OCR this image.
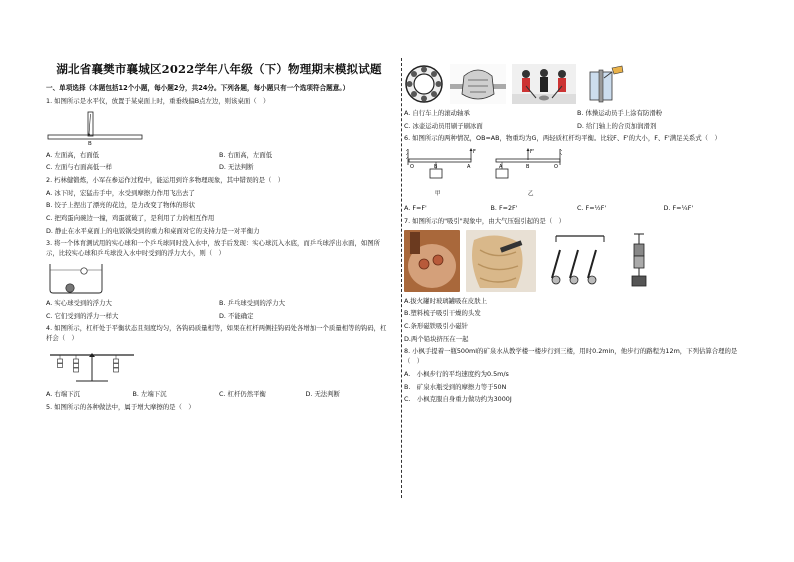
湖北省襄樊市襄城区2022学年八年级（下）物理期末模拟试题
一、单项选择（本题包括12个小题，每小题2分，共24分。下列各题，每小题只有一个选项符合题意。）
1. 如图所示是水平仪，放置于某桌面上时，重垂线偏B点左边，则该桌面（　）
B
A. 左面高，右面低	B. 右面高，左面低
C. 左面与右面高低一样	D. 无法判断
2. 朽林健锻炼，小军在参运作过程中，能运用到许多物理现象，其中错误的是（　）
A. 冰下时，宏猛击手中，水受到摩擦力作用飞出去了
B. 饺子上捏出了漂亮的花边，是力改变了物体的形状
C. 把鸡蛋向碗边一撞，鸡蛋就破了，是利用了力的相互作用
D. 静止在水平桌面上的电饭锅受到的重力和桌面对它的支持力是一对平衡力
3. 将一个体育测试用的实心球和一个乒乓球同时没入水中，放手后发现：实心球沉入水底，而乒乓球浮出水面，如图所示，比较实心球和乒乓球没入水中时受到的浮力大小，则（　）
A. 实心球受到的浮力大	B. 乒乓球受到的浮力大
C. 它们受到的浮力一样大	D. 不能确定
4. 如图所示，杠杆处于平衡状态且刻度均匀，各钩码质量相等，如果在杠杆两侧挂钩码处各增加一个质量相等的钩码，杠杆会（　）
A. 右端下沉	B. 左端下沉	C. 杠杆仍然平衡	D. 无法判断
5. 如图所示的各种做法中，属于增大摩擦的是（　）
A. 自行车上的滚动轴承	B. 体操运动员手上涂有防滑粉
C. 冰壶运动员用刷子刷冰面	D. 给门轴上的合页加润滑剂
6. 如图所示的两种情况，OB=AB，物重均为G，两轻质杠杆均平衡。比较F、F'的大小，F、F'满足关系式（　）
O	B	A
F
甲
A	B	O
F'
乙
A. F=F'	B. F=2F'	C. F=½F'	D. F=¼F'
7. 如图所示的"吸引"现象中，由大气压强引起的是（　）
A.拔火罐时玻璃罐吸在皮肤上
B.塑料梳子吸引干燥的头发
C.条形磁铁吸引小磁针
D.两个铅块挤压在一起
8. 小枫手提着一瓶500ml的矿泉水从教学楼一楼步行到三楼，用时0.2min，他步行的路程为12m，下列估算合理的是（　）
A.　小枫步行的平均速度约为0.5m/s
B.　矿泉水瓶受到的摩擦力等于50N
C.　小枫克服自身重力做功约为3000J
